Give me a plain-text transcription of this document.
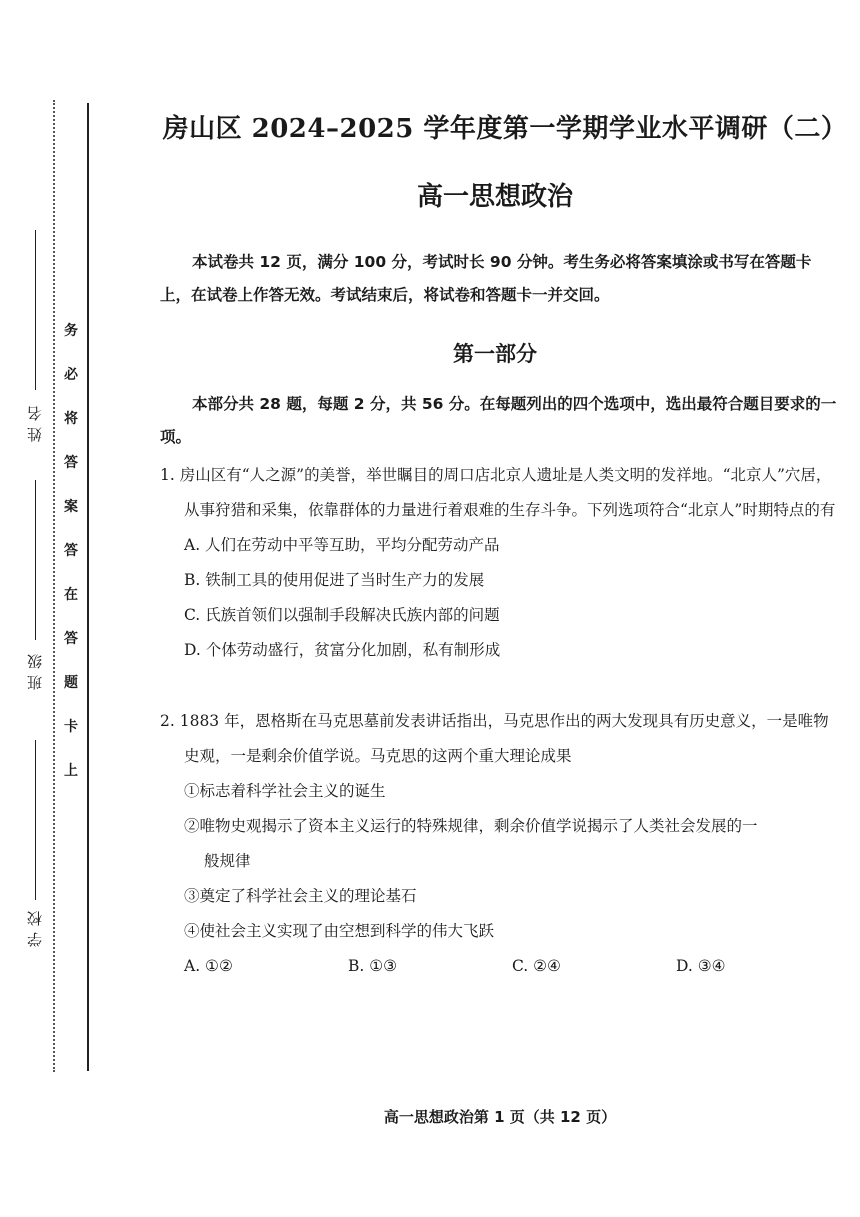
务
必
将
答
案
答
在
答
题
卡
上
姓名
班级
学校
房山区 2024–2025 学年度第一学期学业水平调研（二）
高一思想政治
本试卷共 12 页，满分 100 分，考试时长 90 分钟。考生务必将答案填涂或书写在答题卡上，在试卷上作答无效。考试结束后，将试卷和答题卡一并交回。
第一部分
本部分共 28 题，每题 2 分，共 56 分。在每题列出的四个选项中，选出最符合题目要求的一项。

1. 房山区有“人之源”的美誉，举世瞩目的周口店北京人遗址是人类文明的发祥地。“北京人”穴居，从事狩猎和采集，依靠群体的力量进行着艰难的生存斗争。下列选项符合“北京人”时期特点的有

A. 人们在劳动中平等互助，平均分配劳动产品
B. 铁制工具的使用促进了当时生产力的发展
C. 氏族首领们以强制手段解决氏族内部的问题
D. 个体劳动盛行，贫富分化加剧，私有制形成

2. 1883 年，恩格斯在马克思墓前发表讲话指出，马克思作出的两大发现具有历史意义，一是唯物史观，一是剩余价值学说。马克思的这两个重大理论成果

①标志着科学社会主义的诞生
②唯物史观揭示了资本主义运行的特殊规律，剩余价值学说揭示了人类社会发展的一
般规律
③奠定了科学社会主义的理论基石
④使社会主义实现了由空想到科学的伟大飞跃
A. ①②	B. ①③	C. ②④	D. ③④
高一思想政治第 1 页（共 12 页）
